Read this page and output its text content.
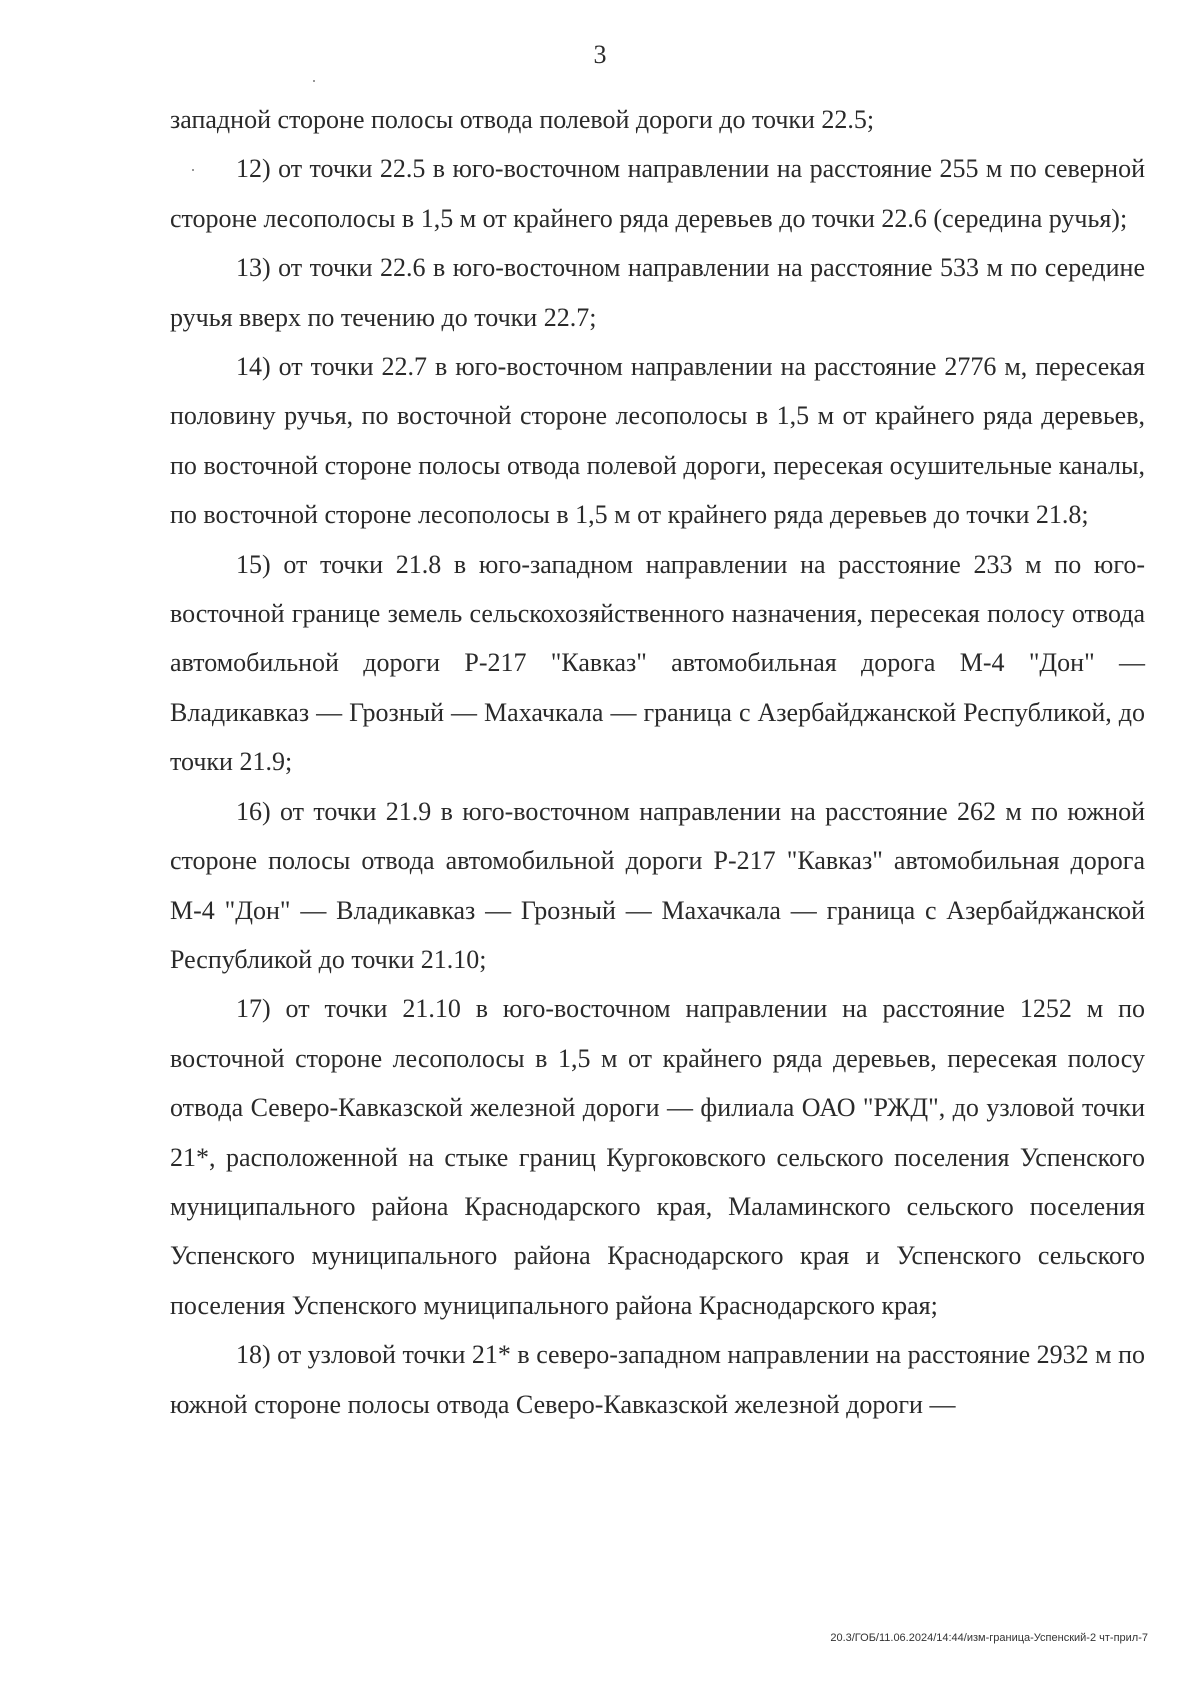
3

западной стороне полосы отвода полевой дороги до точки 22.5;

12) от точки 22.5 в юго-восточном направлении на расстояние 255 м по северной стороне лесополосы в 1,5 м от крайнего ряда деревьев до точки 22.6 (середина ручья);

13) от точки 22.6 в юго-восточном направлении на расстояние 533 м по середине ручья вверх по течению до точки 22.7;

14) от точки 22.7 в юго-восточном направлении на расстояние 2776 м, пересекая половину ручья, по восточной стороне лесополосы в 1,5 м от крайнего ряда деревьев, по восточной стороне полосы отвода полевой дороги, пересекая осушительные каналы, по восточной стороне лесополосы в 1,5 м от крайнего ряда деревьев до точки 21.8;

15) от точки 21.8 в юго-западном направлении на расстояние 233 м по юго-восточной границе земель сельскохозяйственного назначения, пересекая полосу отвода автомобильной дороги Р-217 "Кавказ" автомобильная дорога М-4 "Дон" — Владикавказ — Грозный — Махачкала — граница с Азербайджанской Республикой, до точки 21.9;

16) от точки 21.9 в юго-восточном направлении на расстояние 262 м по южной стороне полосы отвода автомобильной дороги Р-217 "Кавказ" автомобильная дорога М-4 "Дон" — Владикавказ — Грозный — Махачкала — граница с Азербайджанской Республикой до точки 21.10;

17) от точки 21.10 в юго-восточном направлении на расстояние 1252 м по восточной стороне лесополосы в 1,5 м от крайнего ряда деревьев, пересекая полосу отвода Северо-Кавказской железной дороги — филиала ОАО "РЖД", до узловой точки 21*, расположенной на стыке границ Кургоковского сельского поселения Успенского муниципального района Краснодарского края, Маламинского сельского поселения Успенского муниципального района Краснодарского края и Успенского сельского поселения Успенского муниципального района Краснодарского края;

18) от узловой точки 21* в северо-западном направлении на расстояние 2932 м по южной стороне полосы отвода Северо-Кавказской железной дороги —

20.3/ГОБ/11.06.2024/14:44/изм-граница-Успенский-2 чт-прил-7
